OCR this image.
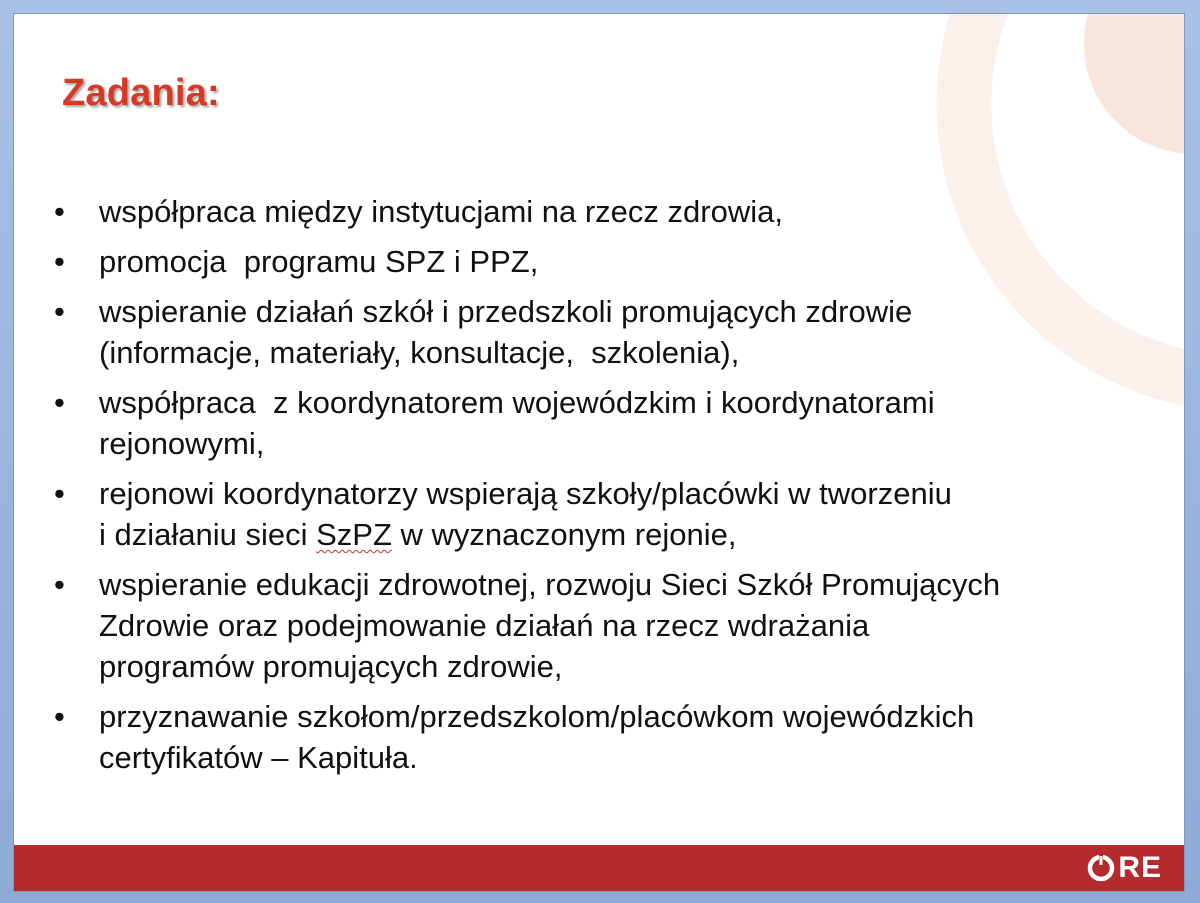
Zadania:
• współpraca między instytucjami na rzecz zdrowia,
• promocja  programu SPZ i PPZ,
• wspieranie działań szkół i przedszkoli promujących zdrowie
(informacje, materiały, konsultacje,  szkolenia),
• współpraca  z koordynatorem wojewódzkim i koordynatorami
rejonowymi,
• rejonowi koordynatorzy wspierają szkoły/placówki w tworzeniu
i działaniu sieci SzPZ w wyznaczonym rejonie,
• wspieranie edukacji zdrowotnej, rozwoju Sieci Szkół Promujących
Zdrowie oraz podejmowanie działań na rzecz wdrażania
programów promujących zdrowie,
• przyznawanie szkołom/przedszkolom/placówkom wojewódzkich
certyfikatów – Kapituła.
RE
